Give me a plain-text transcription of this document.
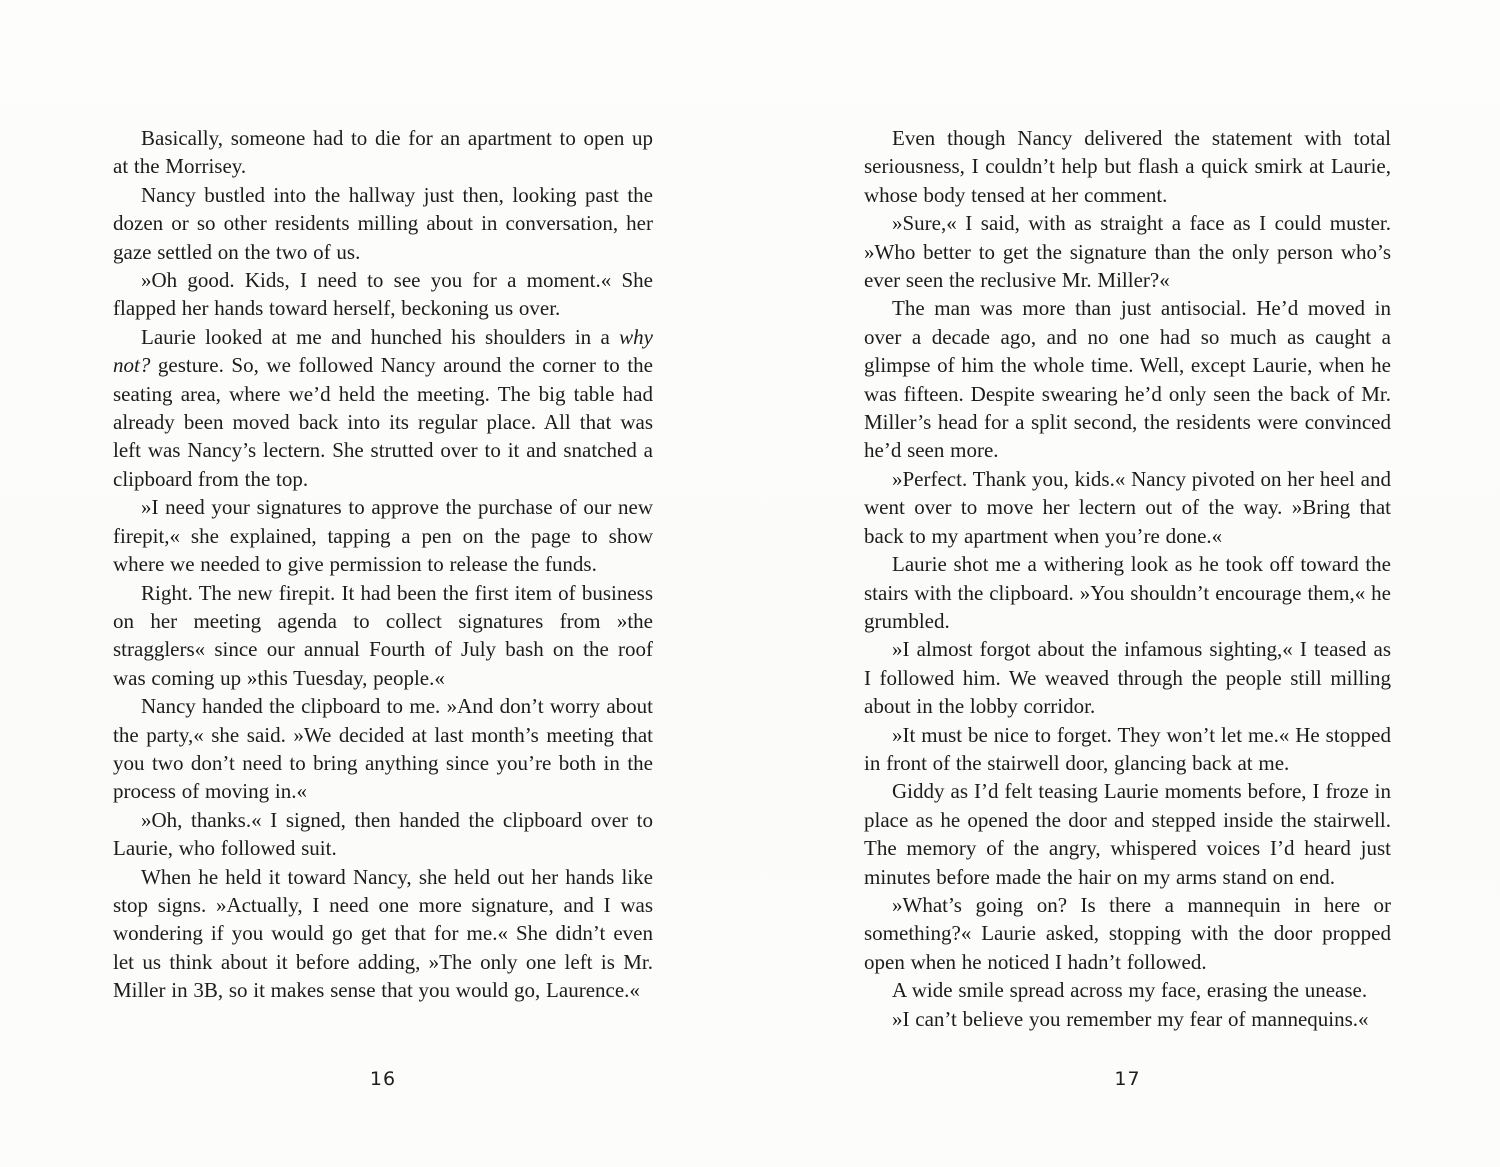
Basically, someone had to die for an apartment to open up at the Morrisey.

Nancy bustled into the hallway just then, looking past the dozen or so other residents milling about in conversation, her gaze settled on the two of us.

»Oh good. Kids, I need to see you for a moment.« She flapped her hands toward herself, beckoning us over.

Laurie looked at me and hunched his shoulders in a why not? gesture. So, we followed Nancy around the corner to the seating area, where we’d held the meeting. The big table had already been moved back into its regular place. All that was left was Nancy’s lectern. She strutted over to it and snatched a clipboard from the top.

»I need your signatures to approve the purchase of our new firepit,« she explained, tapping a pen on the page to show where we needed to give permission to release the funds.

Right. The new firepit. It had been the first item of business on her meeting agenda to collect signatures from »the stragglers« since our annual Fourth of July bash on the roof was coming up »this Tuesday, people.«

Nancy handed the clipboard to me. »And don’t worry about the party,« she said. »We decided at last month’s meeting that you two don’t need to bring anything since you’re both in the process of moving in.«

»Oh, thanks.« I signed, then handed the clipboard over to Laurie, who followed suit.

When he held it toward Nancy, she held out her hands like stop signs. »Actually, I need one more signature, and I was wondering if you would go get that for me.« She didn’t even let us think about it before adding, »The only one left is Mr. Miller in 3B, so it makes sense that you would go, Laurence.«

Even though Nancy delivered the statement with total seriousness, I couldn’t help but flash a quick smirk at Laurie, whose body tensed at her comment.

»Sure,« I said, with as straight a face as I could muster. »Who better to get the signature than the only person who’s ever seen the reclusive Mr. Miller?«

The man was more than just antisocial. He’d moved in over a decade ago, and no one had so much as caught a glimpse of him the whole time. Well, except Laurie, when he was fifteen. Despite swearing he’d only seen the back of Mr. Miller’s head for a split second, the residents were convinced he’d seen more.

»Perfect. Thank you, kids.« Nancy pivoted on her heel and went over to move her lectern out of the way. »Bring that back to my apartment when you’re done.«

Laurie shot me a withering look as he took off toward the stairs with the clipboard. »You shouldn’t encourage them,« he grumbled.

»I almost forgot about the infamous sighting,« I teased as I followed him. We weaved through the people still milling about in the lobby corridor.

»It must be nice to forget. They won’t let me.« He stopped in front of the stairwell door, glancing back at me.

Giddy as I’d felt teasing Laurie moments before, I froze in place as he opened the door and stepped inside the stairwell. The memory of the angry, whispered voices I’d heard just minutes before made the hair on my arms stand on end.

»What’s going on? Is there a mannequin in here or something?« Laurie asked, stopping with the door propped open when he noticed I hadn’t followed.

A wide smile spread across my face, erasing the unease.

»I can’t believe you remember my fear of mannequins.«

16	17
